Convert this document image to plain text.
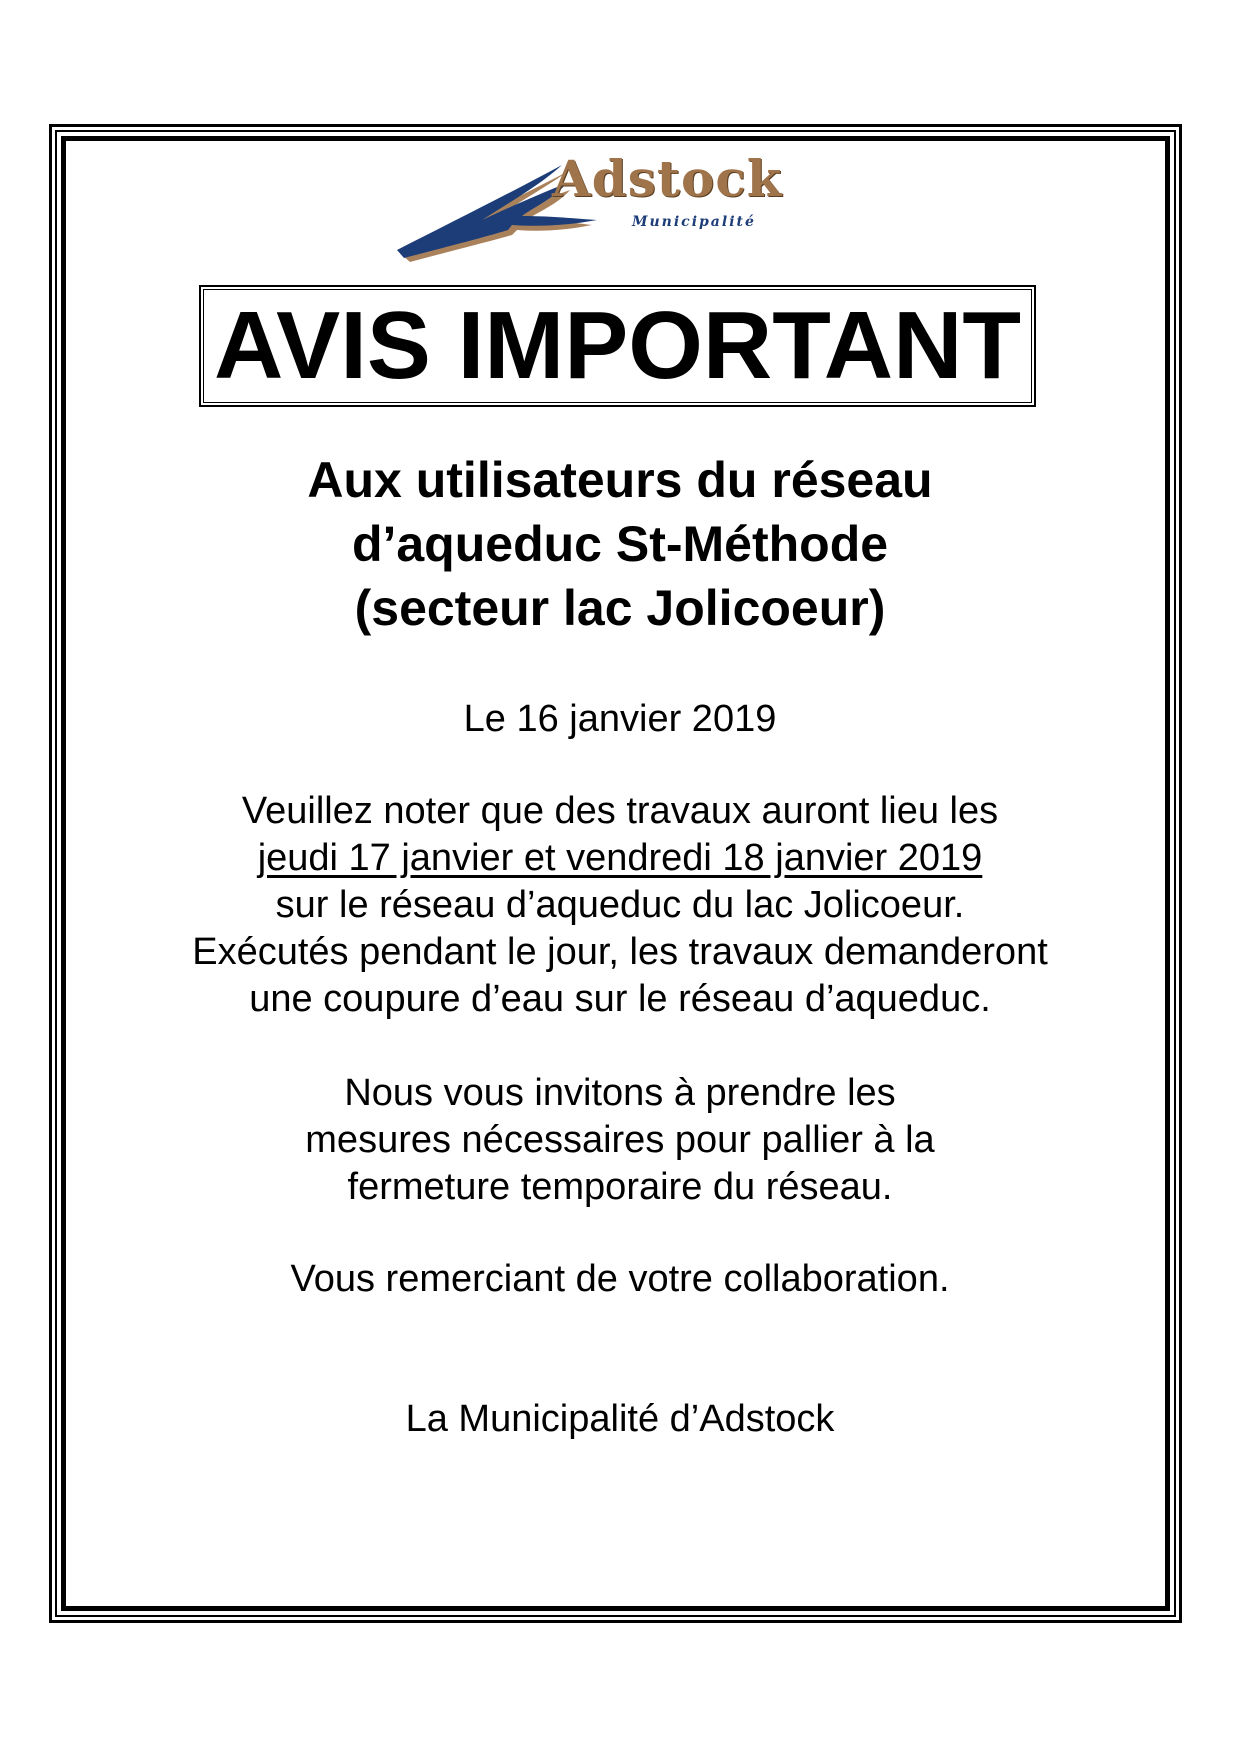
Adstock
Municipalité
AVIS IMPORTANT
Aux utilisateurs du réseau
d’aqueduc St-Méthode
(secteur lac Jolicoeur)
Le 16 janvier 2019
Veuillez noter que des travaux auront lieu les
jeudi 17 janvier et vendredi 18 janvier 2019
sur le réseau d’aqueduc du lac Jolicoeur.
Exécutés pendant le jour, les travaux demanderont
une coupure d’eau sur le réseau d’aqueduc.
Nous vous invitons à prendre les
mesures nécessaires pour pallier à la
fermeture temporaire du réseau.
Vous remerciant de votre collaboration.
La Municipalité d’Adstock
